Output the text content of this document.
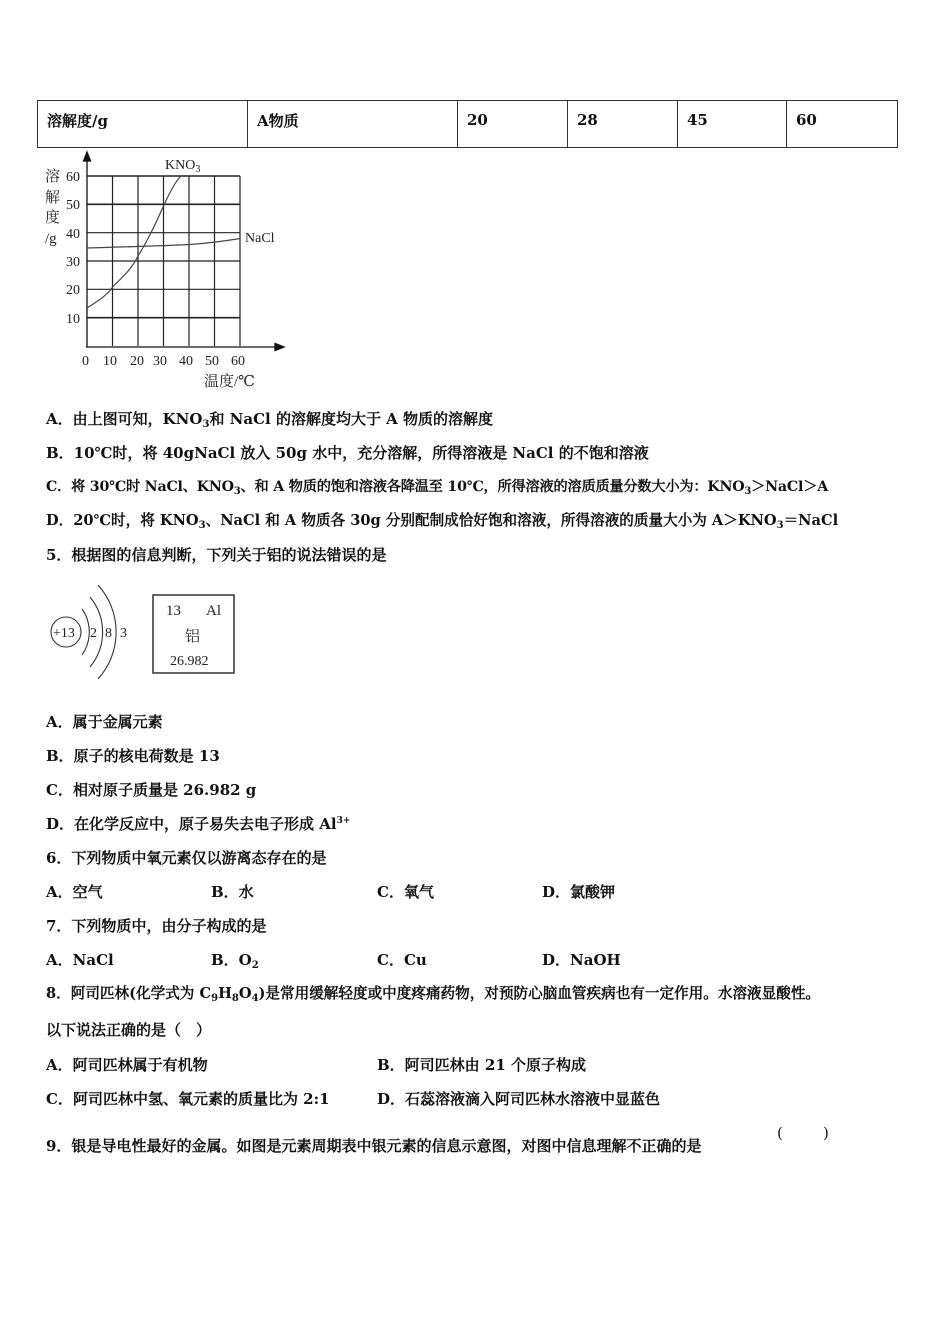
溶解度/g	A物质	20	28	45	60
60
50
40
30
20
10
0 10 20 30 40 50 60
溶
解
度
/g
温度/℃
$KNO_3$
NaCl
A．由上图可知，$KNO_3$和 NaCl 的溶解度均大于 A 物质的溶解度
B．10℃时，将 40gNaCl 放入 50g 水中，充分溶解，所得溶液是 NaCl 的不饱和溶液
C．将 30℃时 NaCl、$KNO_3$、和 A 物质的饱和溶液各降温至 10℃，所得溶液的溶质质量分数大小为：$KNO_3>NaCl>A$
D．20℃时，将 $KNO_3$、NaCl 和 A 物质各 30g 分别配制成恰好饱和溶液，所得溶液的质量大小为 $A>KNO_3=NaCl$
5．根据图的信息判断，下列关于铝的说法错误的是
+13 2 8 3
13 Al
铝
26.982
A．属于金属元素
B．原子的核电荷数是 13
C．相对原子质量是 26.982 g
D．在化学反应中，原子易失去电子形成 $Al^{3+}$
6．下列物质中氧元素仅以游离态存在的是
A．空气	B．水	C．氧气	D．氯酸钾
7．下列物质中，由分子构成的是
A．NaCl	B．$O_2$	C．Cu	D．NaOH
8．阿司匹林(化学式为 $C_9H_8O_4$)是常用缓解轻度或中度疼痛药物，对预防心脑血管疾病也有一定作用。水溶液显酸性。
以下说法正确的是（　）
A．阿司匹林属于有机物	B．阿司匹林由 21 个原子构成
C．阿司匹林中氢、氧元素的质量比为 2:1	D．石蕊溶液滴入阿司匹林水溶液中显蓝色
9．银是导电性最好的金属。如图是元素周期表中银元素的信息示意图，对图中信息理解不正确的是
(	)
